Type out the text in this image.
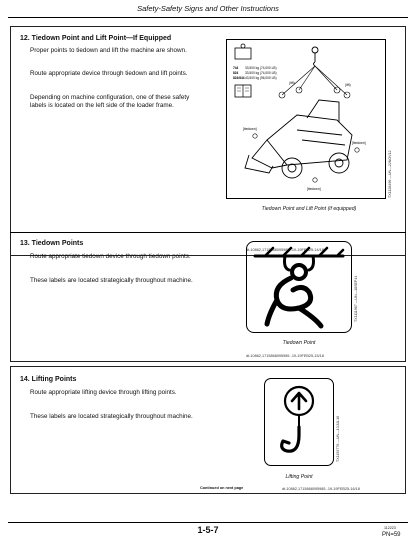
Safety-Safety Signs and Other Instructions
12. Tiedown Point and Lift Point—If Equipped
Proper points to tiedown and lift the machine are shown.
Route appropriate device through tiedown and lift points.
Depending on machine configuration, one of these safety labels is located on the left side of the loader frame.
744 33,500 kg (74,000 LB)
824 33,500 kg (74,000 LB)
824/844 43,500 kg (96,000 LB)
[tiedown]
[tiedown]
[tiedown]
(lift)	(lift)
TX1128496 —UN—22NOV12
Tiedown Point and Lift Point (if equipped)
dt-10862,1715868095985 -19-19FEB25-14/18
13. Tiedown Points
Route appropriate tiedown device through tiedown points.
These labels are located strategically throughout machine.	TX1111967 —UN—18SEP14
Tiedown Point
dt-10862,1715868095985 -19-19FEB25-15/18
14. Lifting Points
Route appropriate lifting device through lifting points.
These labels are located strategically throughout machine.	TX1193776 —UN—13JUL16
Lifting Point
Continued on next page	dt-10862,1715868095985 -19-19FEB25-16/18
1-5-7	112223
PN=59
